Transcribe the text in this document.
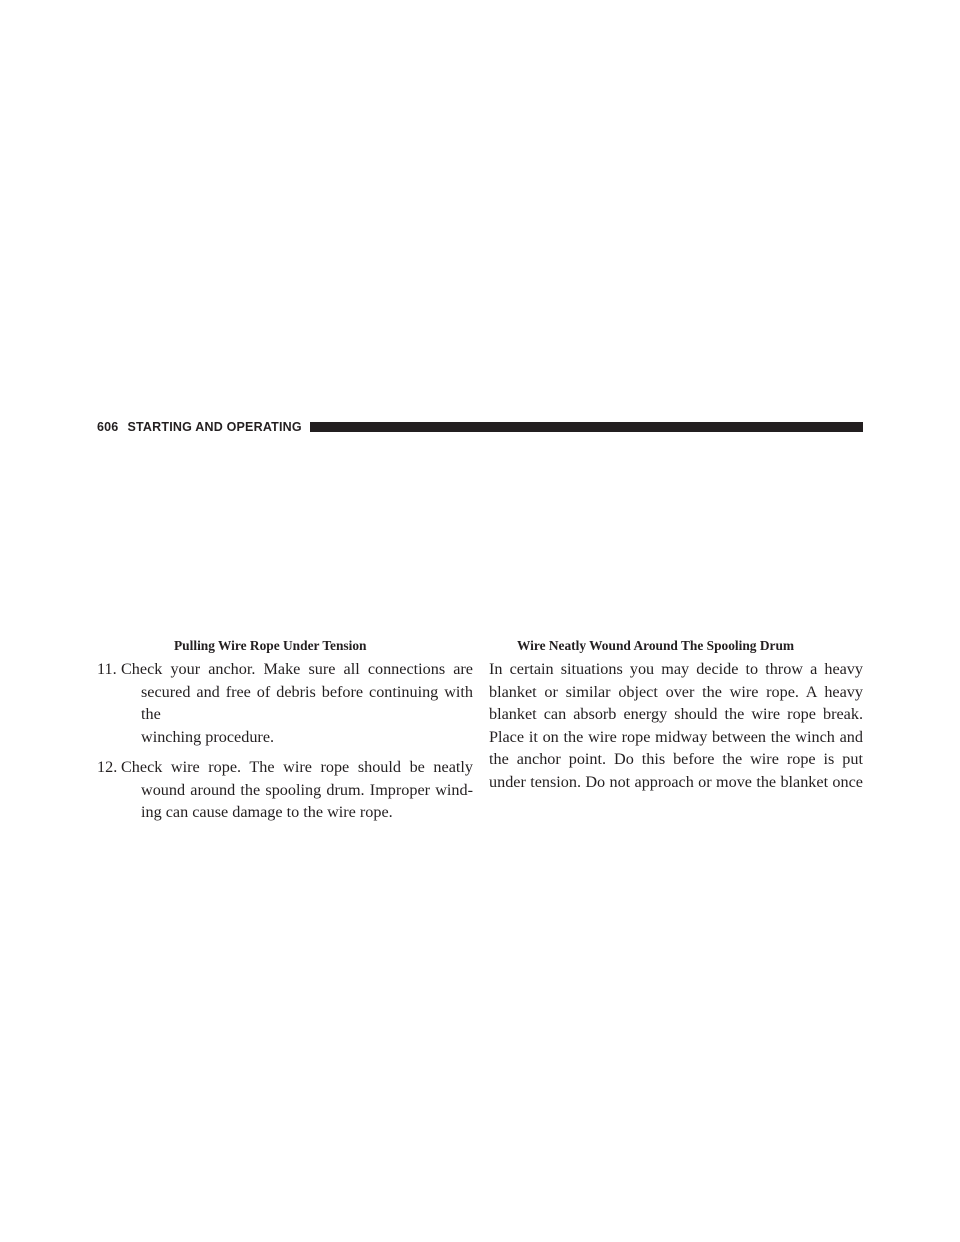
606 STARTING AND OPERATING
Pulling Wire Rope Under Tension	Wire Neatly Wound Around The Spooling Drum
11. Check your anchor. Make sure all connections are
secured and free of debris before continuing with the
winching procedure.
12. Check wire rope. The wire rope should be neatly
wound around the spooling drum. Improper wind-
ing can cause damage to the wire rope.
In certain situations you may decide to throw a heavy
blanket or similar object over the wire rope. A heavy
blanket can absorb energy should the wire rope break.
Place it on the wire rope midway between the winch and
the anchor point. Do this before the wire rope is put
under tension. Do not approach or move the blanket once
